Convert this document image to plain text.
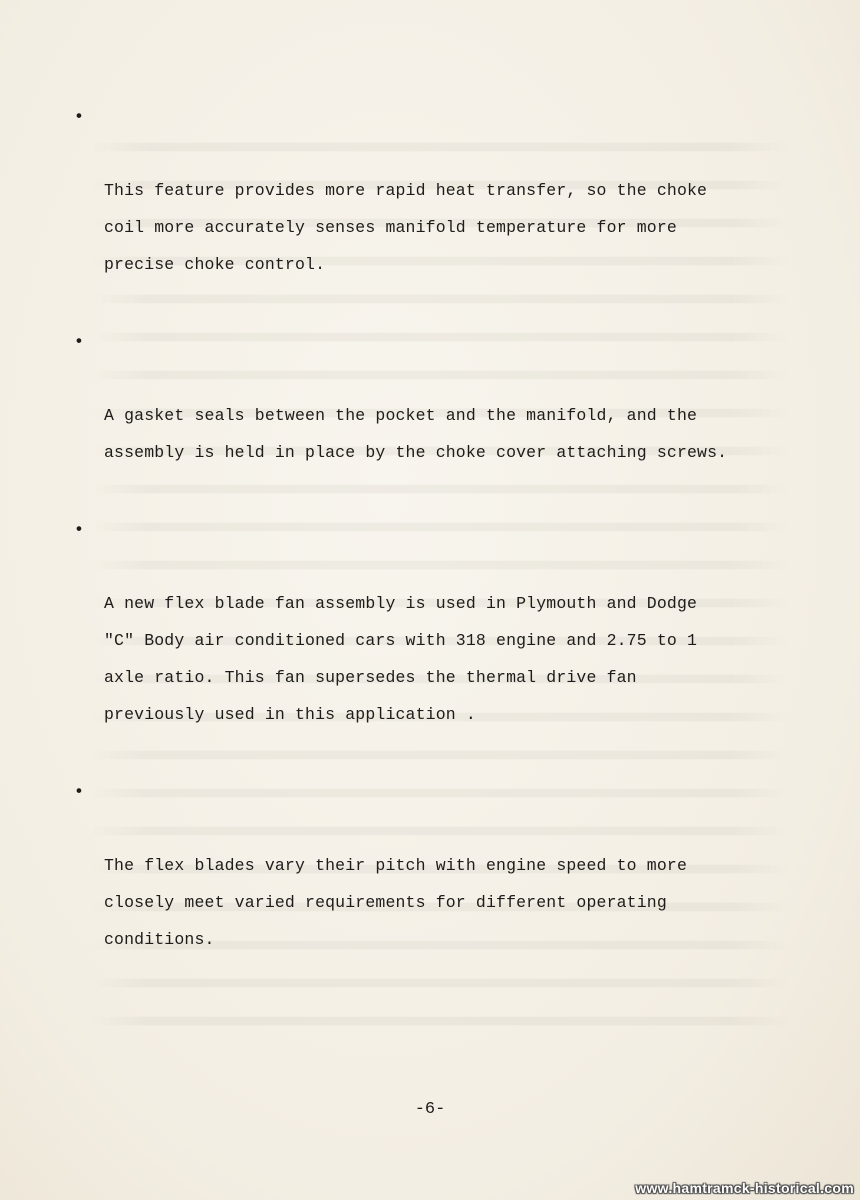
•

This feature provides more rapid heat transfer, so the choke
coil more accurately senses manifold temperature for more
precise choke control.

•

A gasket seals between the pocket and the manifold, and the
assembly is held in place by the choke cover attaching screws.

•

A new flex blade fan assembly is used in Plymouth and Dodge
"C" Body air conditioned cars with 318 engine and 2.75 to 1
axle ratio. This fan supersedes the thermal drive fan
previously used in this application .

•

The flex blades vary their pitch with engine speed to more
closely meet varied requirements for different operating
conditions.

-6-
www.hamtramck-historical.com
